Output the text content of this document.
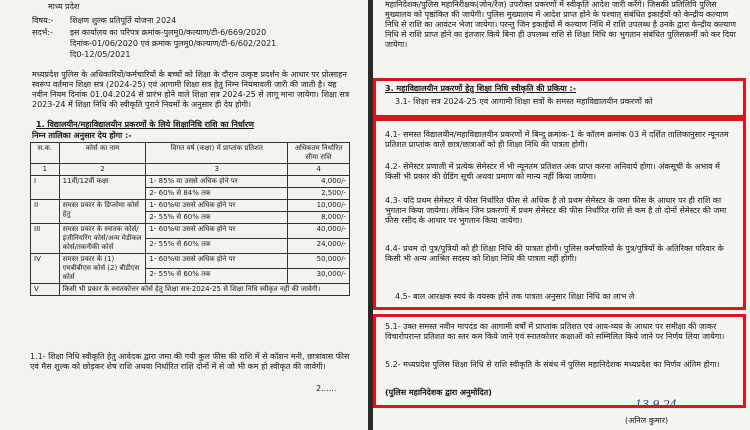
माध्य प्रदेश
विषय:- शिक्षण शुल्क प्रतिपूर्ति योजना 2024
सदर्भ:- इस कार्यालय का परिपत्र क्रमांक-पुलमु0/कल्याण/टी-6/669/2020
दिनांक-01/06/2020 एवं क्रमांक पुलमु0/कल्याण/टी-6/602/2021
दि0-12/05/2021
मध्यप्रदेश पुलिस के अधिकारियों/कर्मचारियों के बच्चों को शिक्षा के दौरान उत्कृष्ट प्रदर्शन के आधार पर प्रोत्साहन स्वरूप वर्तमान शिक्षा सत्र (2024-25) एवं आगामी शिक्षा सत्र हेतु निम्न नियमावली जारी की जाती है। यह नवीन नियम दिनांक 01.04.2024 से प्रारंभ होने वाले शिक्षा सत्र 2024-25 से लागू माना जायेगा। शिक्षा सत्र 2023-24 में शिक्षा निधि की स्वीकृति पुराने नियमों के अनुसार ही देय होगी।
1. विद्यालयीन/महाविद्यालयीन प्रकरणों के लिये शिक्षानिधि राशि का निर्धारण
निम्न तालिका अनुसार देय होगा :-
स.क.	कोर्स का नाम	विगत वर्ष (कक्षा) में प्राप्तांक प्रतिशत	अधिकतम निर्धारित सीमा राशि
1	2	3	4
I	11वीं/12वीं कक्षा	1- 85% या उससे अधिक होने पर	4,000/-
		2- 60% से 84% तक	2,500/-
II	समस्त प्रकार के डिप्लोमा कोर्स हेतु	1- 60%या उससे अधिक होने पर	10,000/-
		2- 55% से 60% तक	8,000/-
III	समस्त प्रकार के स्नातक कोर्स/ इंजीनियरिंग कोर्स/अन्य मेडीकल कोर्स/तकनीकी कोर्स	1- 60%या उससे अधिक होने पर	40,000/-
		2- 55% से 60% तक	24,000/-
IV	समस्त प्रकार के (1) एमबीबीएस कोर्स (2) बीडीएस कोर्स	1- 60%या उससे अधिक होने पर	50,000/-
		2- 55% से 60% तक	30,000/-
V	किसी भी प्रकार के स्नातकोत्तर कोर्स हेतु शिक्षा सत्र-2024-25 से शिक्षा निधि स्वीकृत नहीं की जावेगी।		
1.1- शिक्षा निधि स्वीकृति हेतु आवेदक द्वारा जमा की गयी कुल फीस की राशि में से कॉशन मनी, छात्रावास फीस एवं मैस शुल्क को छोड़कर शेष राशि अथवा निर्धारित राशि दोनों में से जो भी कम हो स्वीकृत की जावेगी।
2......
महानिदेशक/पुलिस महानिरीक्षक(जोन/रेंज) उपरोक्त प्रकरणों में स्वीकृति आदेश जारी करेंगे। जिसकी प्रतिलिपि पुलिस मुख्यालय को पृष्ठांकित की जायेगी। पुलिस मुख्यालय में आदेश प्राप्त होने के पश्चात् संबंधित इकाईयों को केन्द्रीय कल्याण निधि से राशि का आवंटन भेजा जायेगा। परन्तु जिन इकाईयों में कल्याण निधि में राशि उपलब्ध है उनके द्वारा केन्द्रीय कल्याण निधि से राशि प्राप्त होने का इंतजार किये बिना ही उपलब्ध राशि से शिक्षा निधि का भुगतान संबंधित पुलिसकर्मी को कर दिया जायेगा।
3. महाविद्यालयीन प्रकरणों हेतु शिक्षा निधि स्वीकृति की प्रकिया :-
3.1- शिक्षा सत्र 2024-25 एवं आगामी शिक्षा सत्रों के समस्त महाविद्यालयीन प्रकरणों को
4.1- समस्त विद्यालयीन/महाविद्यालयीन प्रकरणों में बिन्दु क्रमांक-1 के कॉलम क्रमांक 03 में दर्शित तालिकानुसार न्यूनतम प्रतिशत प्राप्तांक वाले छात्र/छात्राओं को ही शिक्षा निधि की पात्रता होगी।
4.2- सेमेस्टर प्रणाली में प्रत्येक सेमेस्टर में भी न्यूनतम प्रतिशत अंक प्राप्त करना अनिवार्य होगा। अंकसूची के अभाव में किसी भी प्रकार की ग्रेडिंग सूची अथवा प्रमाण को मान्य नहीं किया जायेगा।
4.3- यदि प्रथम सेमेस्टर में फीस निर्धारित फीस से अधिक है तो प्रथम सेमेस्टर के जमा फीस के आधार पर ही राशि का भुगतान किया जायेगा। लेकिन जिन प्रकरणों में प्रथम सेमेस्टर की फीस निर्धारित राशि से कम है तो दोनों सेमेस्टर की जमा फीस रसीद के आधार पर भुगतान किया जायेगा।
4.4- प्रथम दो पुत्र/पुत्रियों को ही शिक्षा निधि की पात्रता होगी। पुलिस कर्मचारियों के पुत्र/पुत्रियों के अतिरिक्त परिवार के किसी भी अन्य आश्रित सदस्य को शिक्षा निधि की पात्रता नहीं होगी।
4.5- बाल आरक्षक स्वयं के वयस्क होने तक पात्रता अनुसार शिक्षा निधि का लाभ ले
5.1- उक्त समस्त नवीन मापदंड का आगामी वर्षों में प्राप्तांक प्रतिशत एवं आय-व्यय के आधार पर समीक्षा की जाकर विचारोपरान्त प्रतिशत का स्तर कम किये जाने एवं स्नातकोत्तर कक्षाओं को सम्मिलित किये जाने पर निर्णय लिया जायेगा।
5.2- मध्यप्रदेश पुलिस शिक्षा निधि से राशि स्वीकृति के संबंध में पुलिस महानिदेशक मध्यप्रदेश का निर्णय अंतिम होगा।
(पुलिस महानिदेशक द्वारा अनुमोदित)
13.9.24
(अनिल कुमार)
